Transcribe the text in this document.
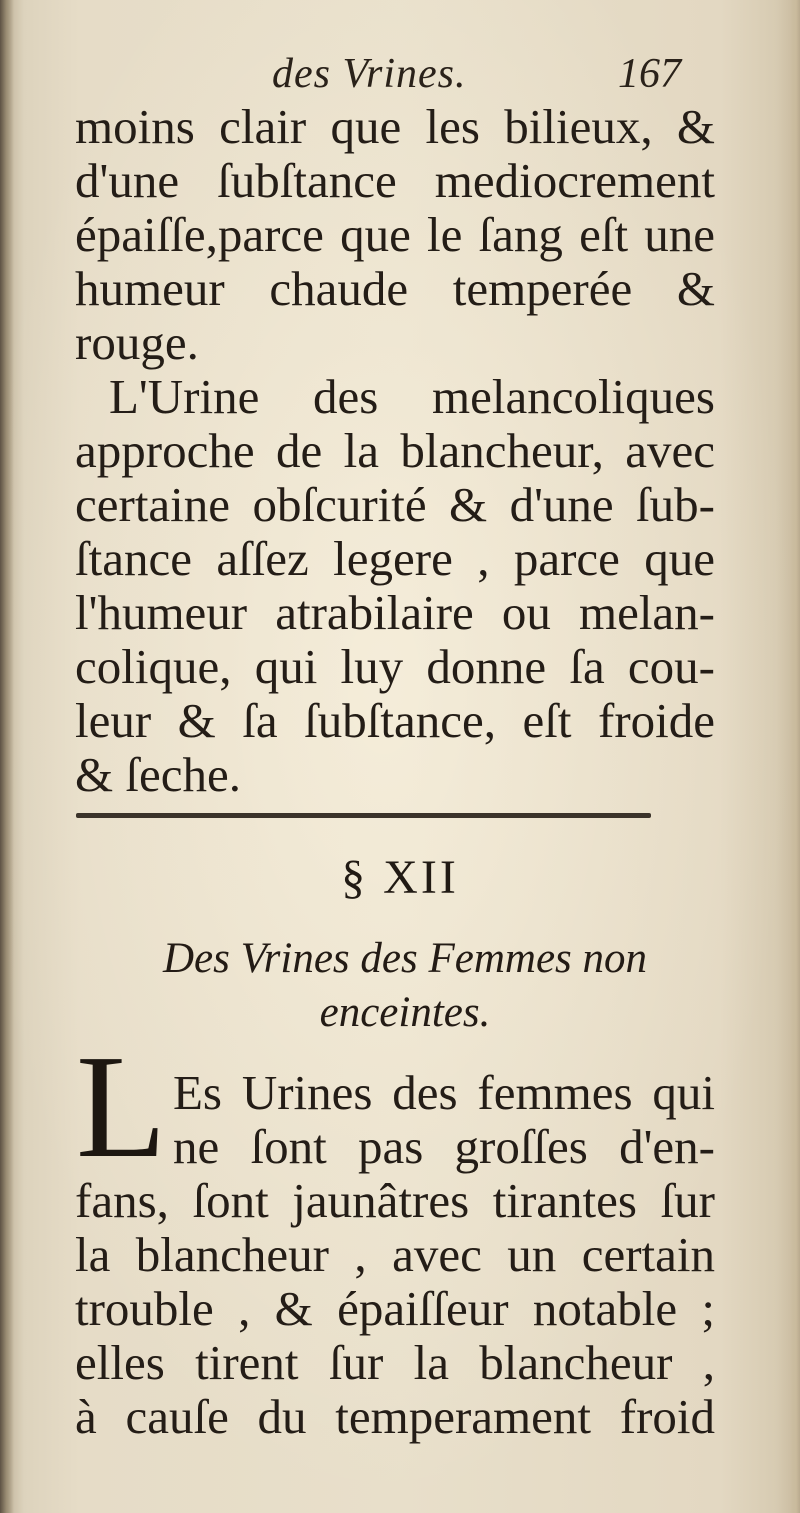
des Vrines.	167
moins clair que les bilieux, &
d'une ſubſtance mediocrement
épaiſſe,parce que le ſang eſt une
humeur chaude temperée &
rouge.
L'Urine des melancoliques
approche de la blancheur, avec
certaine obſcurité & d'une ſub-
ſtance aſſez legere , parce que
l'humeur atrabilaire ou melan-
colique, qui luy donne ſa cou-
leur & ſa ſubſtance, eſt froide
& ſeche.
§ XII
Des Vrines des Femmes non
enceintes.
L Es Urines des femmes qui
ne ſont pas groſſes d'en-
fans, ſont jaunâtres tirantes ſur
la blancheur , avec un certain
trouble , & épaiſſeur notable ;
elles tirent ſur la blancheur ,
à cauſe du temperament froid
